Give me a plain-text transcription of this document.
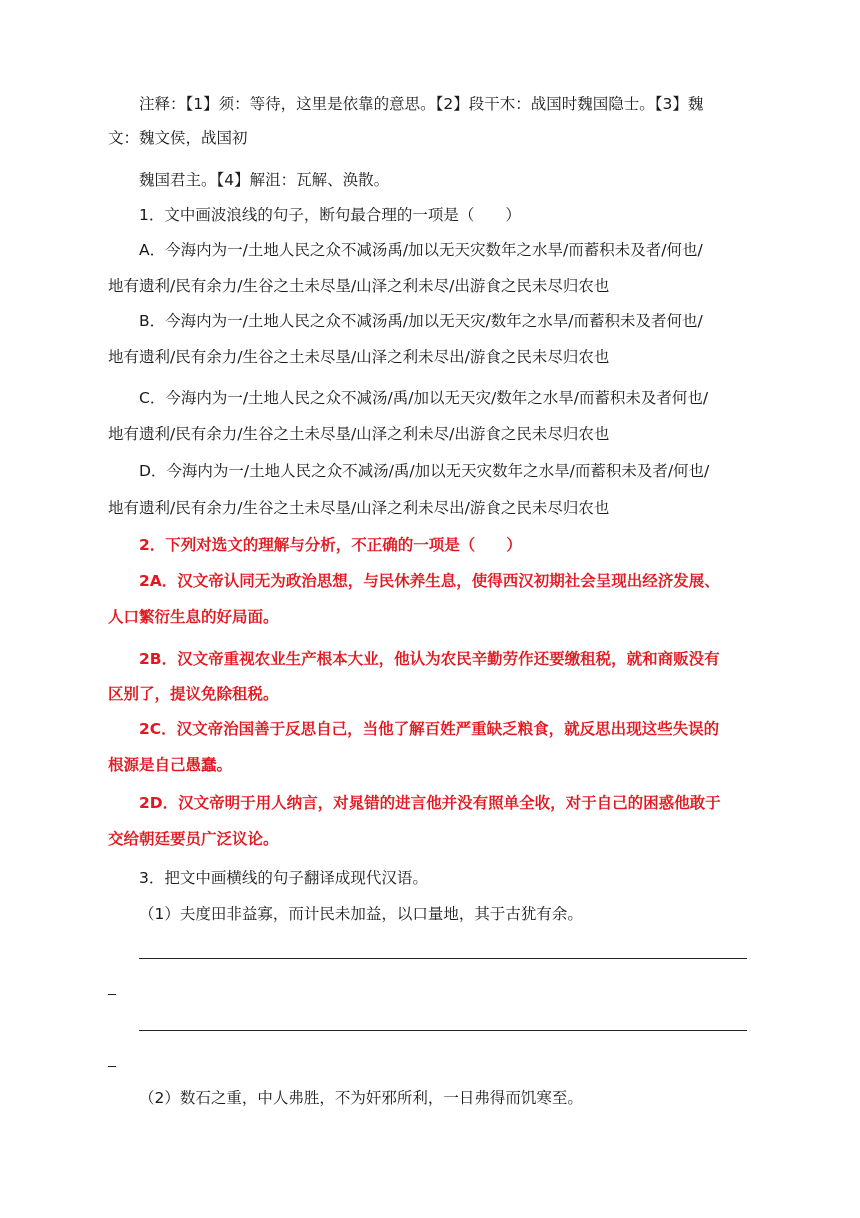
注释：【1】须：等待，这里是依靠的意思。【2】段干木：战国时魏国隐士。【3】魏
文：魏文侯，战国初
魏国君主。【4】解沮：瓦解、涣散。
1．文中画波浪线的句子，断句最合理的一项是（　　）
A．今海内为一/土地人民之众不减汤禹/加以无天灾数年之水旱/而蓄积未及者/何也/
地有遗利/民有余力/生谷之土未尽垦/山泽之利未尽/出游食之民未尽归农也
B．今海内为一/土地人民之众不减汤禹/加以无天灾/数年之水旱/而蓄积未及者何也/
地有遗利/民有余力/生谷之土未尽垦/山泽之利未尽出/游食之民未尽归农也
C．今海内为一/土地人民之众不减汤/禹/加以无天灾/数年之水旱/而蓄积未及者何也/
地有遗利/民有余力/生谷之土未尽垦/山泽之利未尽/出游食之民未尽归农也
D．今海内为一/土地人民之众不减汤/禹/加以无天灾数年之水旱/而蓄积未及者/何也/
地有遗利/民有余力/生谷之土未尽垦/山泽之利未尽出/游食之民未尽归农也
2．下列对选文的理解与分析，不正确的一项是（　　）
2A．汉文帝认同无为政治思想，与民休养生息，使得西汉初期社会呈现出经济发展、
人口繁衍生息的好局面。
2B．汉文帝重视农业生产根本大业，他认为农民辛勤劳作还要缴租税，就和商贩没有
区别了，提议免除租税。
2C．汉文帝治国善于反思自己，当他了解百姓严重缺乏粮食，就反思出现这些失误的
根源是自己愚蠢。
2D．汉文帝明于用人纳言，对晁错的进言他并没有照单全收，对于自己的困惑他敢于
交给朝廷要员广泛议论。
3．把文中画横线的句子翻译成现代汉语。
（1）夫度田非益寡，而计民未加益，以口量地，其于古犹有余。
（2）数石之重，中人弗胜，不为奸邪所利，一日弗得而饥寒至。
